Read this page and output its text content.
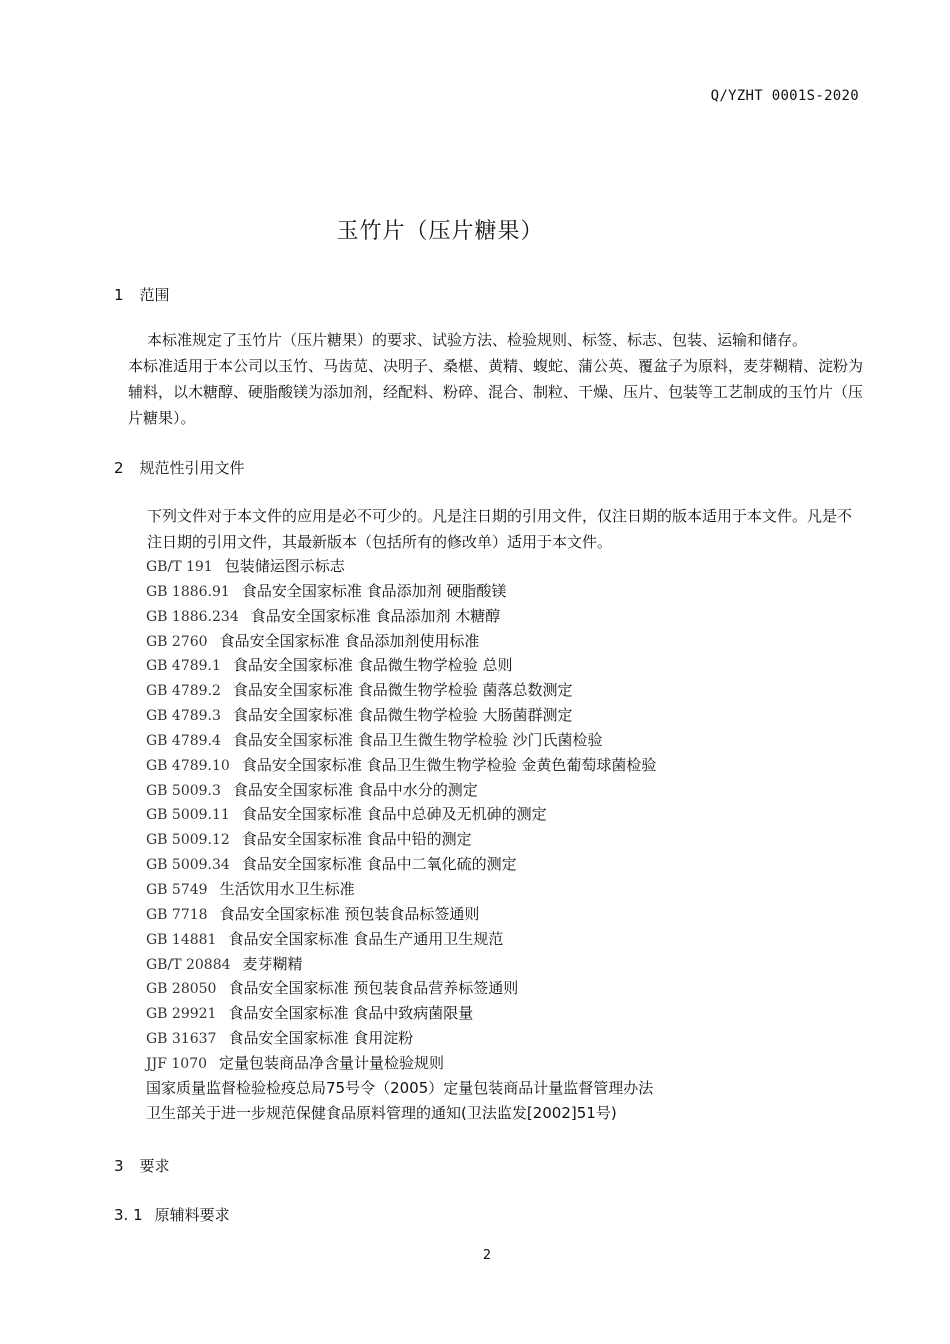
Q/YZHT 0001S-2020
玉竹片（压片糖果）
1 范围
本标准规定了玉竹片（压片糖果）的要求、试验方法、检验规则、标签、标志、包装、运输和储存。
本标准适用于本公司以玉竹、马齿苋、决明子、桑椹、黄精、蝮蛇、蒲公英、覆盆子为原料，麦芽糊精、淀粉为辅料，以木糖醇、硬脂酸镁为添加剂，经配料、粉碎、混合、制粒、干燥、压片、包装等工艺制成的玉竹片（压片糖果）。
2 规范性引用文件
下列文件对于本文件的应用是必不可少的。凡是注日期的引用文件，仅注日期的版本适用于本文件。凡是不注日期的引用文件，其最新版本（包括所有的修改单）适用于本文件。
GB/T 191 包装储运图示标志
GB 1886.91 食品安全国家标准 食品添加剂 硬脂酸镁
GB 1886.234 食品安全国家标准 食品添加剂 木糖醇
GB 2760 食品安全国家标准 食品添加剂使用标准
GB 4789.1 食品安全国家标准 食品微生物学检验 总则
GB 4789.2 食品安全国家标准 食品微生物学检验 菌落总数测定
GB 4789.3 食品安全国家标准 食品微生物学检验 大肠菌群测定
GB 4789.4 食品安全国家标准 食品卫生微生物学检验 沙门氏菌检验
GB 4789.10 食品安全国家标准 食品卫生微生物学检验 金黄色葡萄球菌检验
GB 5009.3 食品安全国家标准 食品中水分的测定
GB 5009.11 食品安全国家标准 食品中总砷及无机砷的测定
GB 5009.12 食品安全国家标准 食品中铅的测定
GB 5009.34 食品安全国家标准 食品中二氧化硫的测定
GB 5749 生活饮用水卫生标准
GB 7718 食品安全国家标准 预包装食品标签通则
GB 14881 食品安全国家标准 食品生产通用卫生规范
GB/T 20884 麦芽糊精
GB 28050 食品安全国家标准 预包装食品营养标签通则
GB 29921 食品安全国家标准 食品中致病菌限量
GB 31637 食品安全国家标准 食用淀粉
JJF 1070 定量包装商品净含量计量检验规则
国家质量监督检验检疫总局75号令（2005）定量包装商品计量监督管理办法
卫生部关于进一步规范保健食品原料管理的通知(卫法监发[2002]51号)
3 要求
3. 1 原辅料要求
2
